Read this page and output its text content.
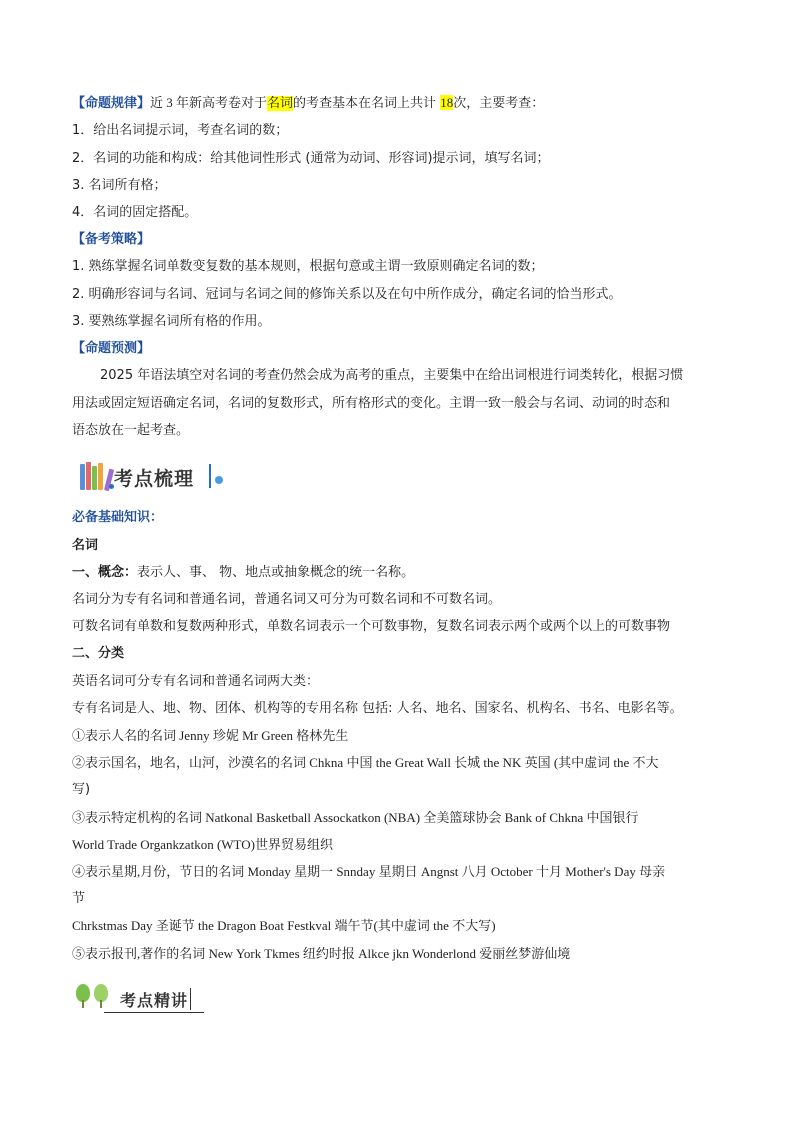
【命题规律】近 3 年新高考卷对于名词的考查基本在名词上共计 18次，主要考查：
1．给出名词提示词，考查名词的数；
2．名词的功能和构成：给其他词性形式 (通常为动词、形容词)提示词，填写名词；
3. 名词所有格；
4．名词的固定搭配。
【备考策略】
1. 熟练掌握名词单数变复数的基本规则，根据句意或主谓一致原则确定名词的数；
2. 明确形容词与名词、冠词与名词之间的修饰关系以及在句中所作成分，确定名词的恰当形式。
3. 要熟练掌握名词所有格的作用。
【命题预测】
2025 年语法填空对名词的考查仍然会成为高考的重点，主要集中在给出词根进行词类转化，根据习惯
用法或固定短语确定名词，名词的复数形式，所有格形式的变化。主谓一致一般会与名词、动词的时态和
语态放在一起考查。
考点梳理
必备基础知识：
名词
一、概念：表示人、事、 物、地点或抽象概念的统一名称。
名词分为专有名词和普通名词，普通名词又可分为可数名词和不可数名词。
可数名词有单数和复数两种形式，单数名词表示一个可数事物，复数名词表示两个或两个以上的可数事物
二、分类
英语名词可分专有名词和普通名词两大类：
专有名词是人、地、物、团体、机构等的专用名称 包括: 人名、地名、国家名、机构名、书名、电影名等。
①表示人名的名词 Jenny 珍妮 Mr Green 格林先生
②表示国名，地名，山河，沙漠名的名词 Chkna 中国 the Great Wall 长城 the NK 英国 (其中虚词 the 不大
写)
③表示特定机构的名词 Natkonal Basketball Assockatkon (NBA) 全美篮球协会 Bank of Chkna 中国银行
World Trade Organkzatkon (WTO)世界贸易组织
④表示星期,月份，节日的名词 Monday 星期一 Snnday 星期日 Angnst 八月 October 十月 Mother's Day 母亲
节
Chrkstmas Day 圣诞节 the Dragon Boat Festkval 端午节(其中虚词 the 不大写)
⑤表示报刊,著作的名词 New York Tkmes 纽约时报 Alkce jkn Wonderlond 爱丽丝梦游仙境
考点精讲
